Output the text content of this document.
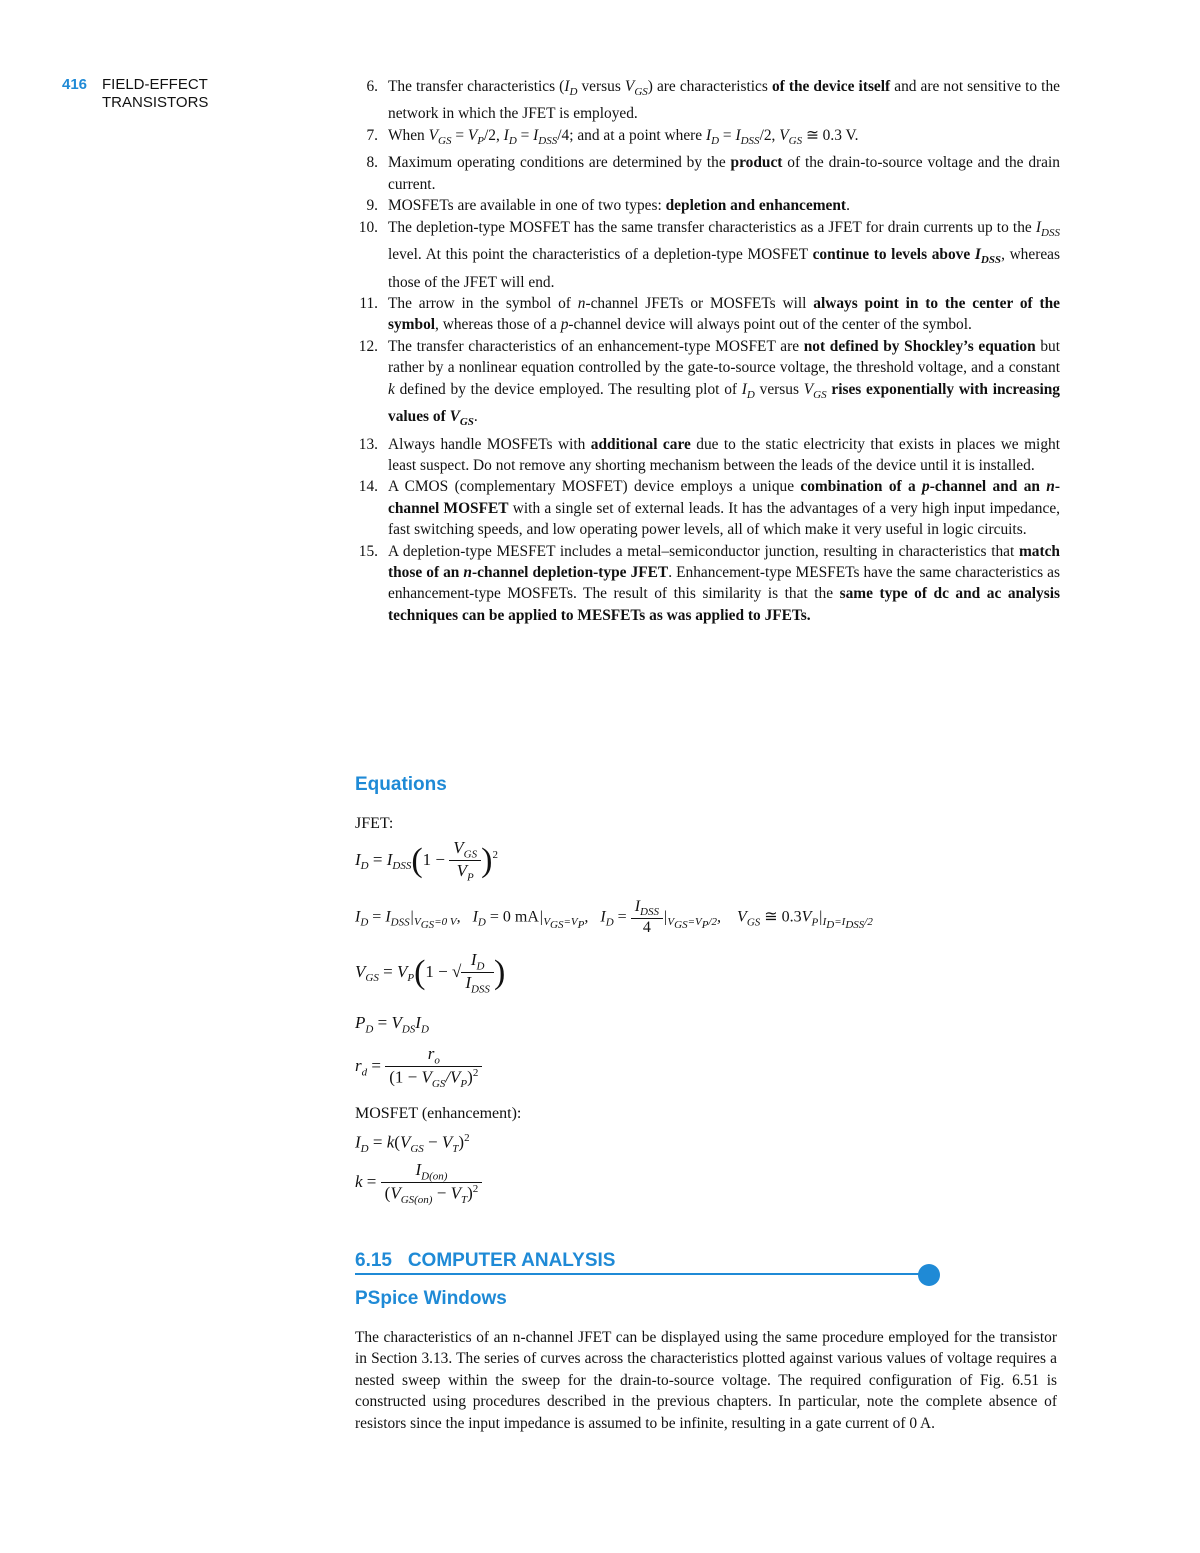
416 FIELD-EFFECT
TRANSISTORS
6. The transfer characteristics ($I_D$ versus $V_{GS}$) are characteristics of the device itself and are not sensitive to the network in which the JFET is employed.
7. When $V_{GS} = V_P/2$, $I_D = I_{DSS}/4$; and at a point where $I_D = I_{DSS}/2$, $V_{GS}$ ≅ 0.3 V.
8. Maximum operating conditions are determined by the product of the drain-to-source voltage and the drain current.
9. MOSFETs are available in one of two types: depletion and enhancement.
10. The depletion-type MOSFET has the same transfer characteristics as a JFET for drain currents up to the $I_{DSS}$ level. At this point the characteristics of a depletion-type MOSFET continue to levels above $I_{DSS}$, whereas those of the JFET will end.
11. The arrow in the symbol of n-channel JFETs or MOSFETs will always point in to the center of the symbol, whereas those of a p-channel device will always point out of the center of the symbol.
12. The transfer characteristics of an enhancement-type MOSFET are not defined by Shockley’s equation but rather by a nonlinear equation controlled by the gate-to-source voltage, the threshold voltage, and a constant k defined by the device employed. The resulting plot of $I_D$ versus $V_{GS}$ rises exponentially with increasing values of $V_{GS}$.
13. Always handle MOSFETs with additional care due to the static electricity that exists in places we might least suspect. Do not remove any shorting mechanism between the leads of the device until it is installed.
14. A CMOS (complementary MOSFET) device employs a unique combination of a p-channel and an n-channel MOSFET with a single set of external leads. It has the advantages of a very high input impedance, fast switching speeds, and low operating power levels, all of which make it very useful in logic circuits.
15. A depletion-type MESFET includes a metal–semiconductor junction, resulting in characteristics that match those of an n-channel depletion-type JFET. Enhancement-type MESFETs have the same characteristics as enhancement-type MOSFETs. The result of this similarity is that the same type of dc and ac analysis techniques can be applied to MESFETs as was applied to JFETs.
Equations
JFET:
$I_D = I_{DSS}(1 - \frac{V_{GS}}{V_P} )^2$
$I_D = I_{DSS}|_{V_{GS}=0 V}$,   $I_D = 0$ $mA|_{V_{GS}=V_P}$,   $I_D = \frac{I_{DSS}}{4} |_{V_{GS}=V_P/2}$,    $V_{GS}$ ≅ $0.3V_P|_{I_D=I_{DSS}/2}$
$V_{GS} = V_P(1$ − √ $\frac{I_D}{I_{DSS}}$ )
$P_D = V_{DS}I_D$
$r_d = \frac{r_o}{(1 - V_{GS}/V_P)^2}$
MOSFET (enhancement):
$I_D = k(V_{GS} - V_T)^2$
$k = \frac{I_{D(on)}}{(V_{GS(on)} - V_T)^2}$
6.15 COMPUTER ANALYSIS
PSpice Windows

The characteristics of an n-channel JFET can be displayed using the same procedure employed for the transistor in Section 3.13. The series of curves across the characteristics plotted against various values of voltage requires a nested sweep within the sweep for the drain-to-source voltage. The required configuration of Fig. 6.51 is constructed using procedures described in the previous chapters. In particular, note the complete absence of resistors since the input impedance is assumed to be infinite, resulting in a gate current of 0 A.
